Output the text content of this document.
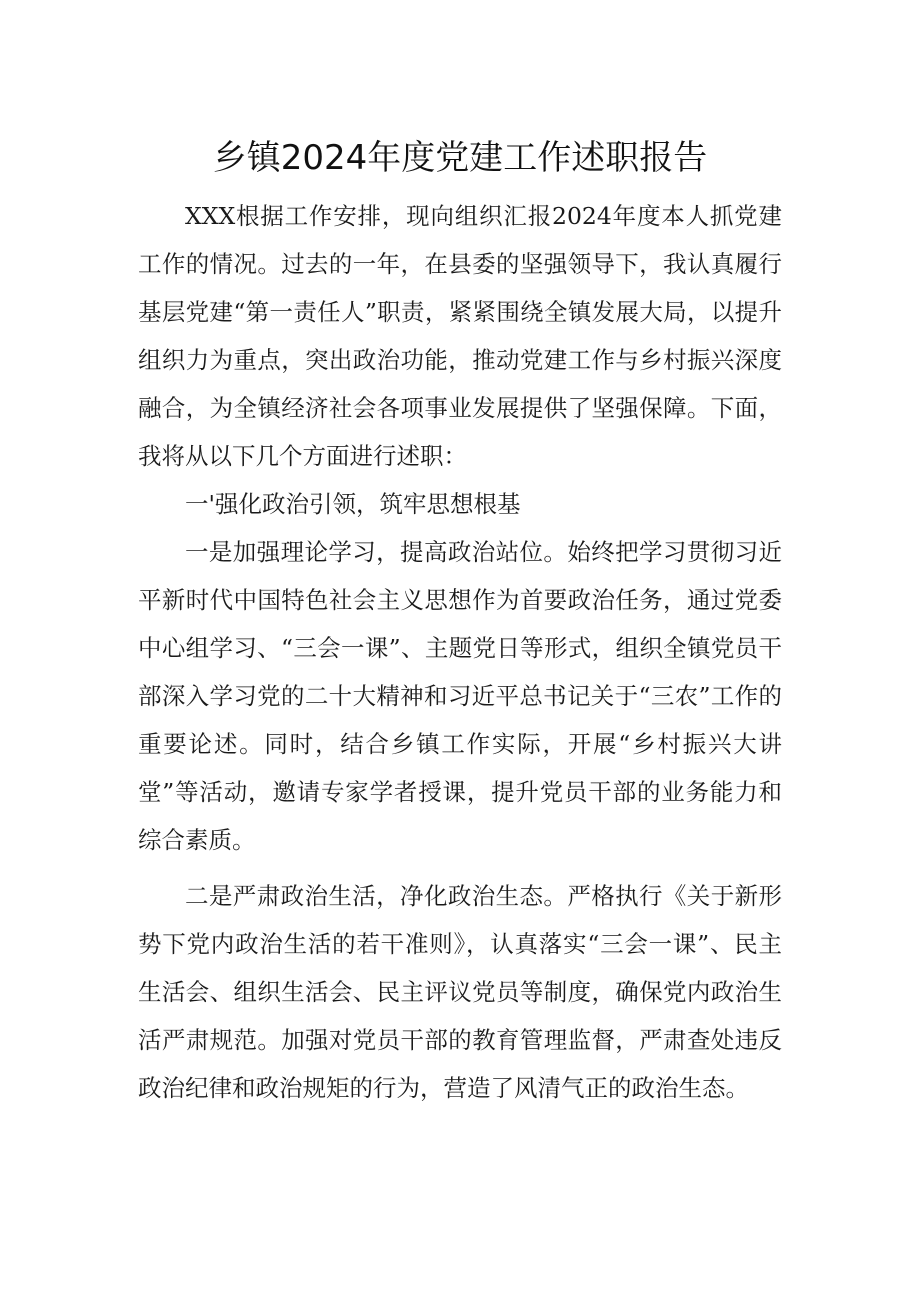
乡镇2024年度党建工作述职报告

XXX根据工作安排，现向组织汇报2024年度本人抓党建工作的情况。过去的一年，在县委的坚强领导下，我认真履行基层党建“第一责任人”职责，紧紧围绕全镇发展大局，以提升组织力为重点，突出政治功能，推动党建工作与乡村振兴深度融合，为全镇经济社会各项事业发展提供了坚强保障。下面，我将从以下几个方面进行述职：

一'强化政治引领，筑牢思想根基

一是加强理论学习，提高政治站位。始终把学习贯彻习近平新时代中国特色社会主义思想作为首要政治任务，通过党委中心组学习、“三会一课”、主题党日等形式，组织全镇党员干部深入学习党的二十大精神和习近平总书记关于“三农”工作的重要论述。同时，结合乡镇工作实际，开展“乡村振兴大讲堂”等活动，邀请专家学者授课，提升党员干部的业务能力和综合素质。

二是严肃政治生活，净化政治生态。严格执行《关于新形势下党内政治生活的若干准则》，认真落实“三会一课”、民主生活会、组织生活会、民主评议党员等制度，确保党内政治生活严肃规范。加强对党员干部的教育管理监督，严肃查处违反政治纪律和政治规矩的行为，营造了风清气正的政治生态。
